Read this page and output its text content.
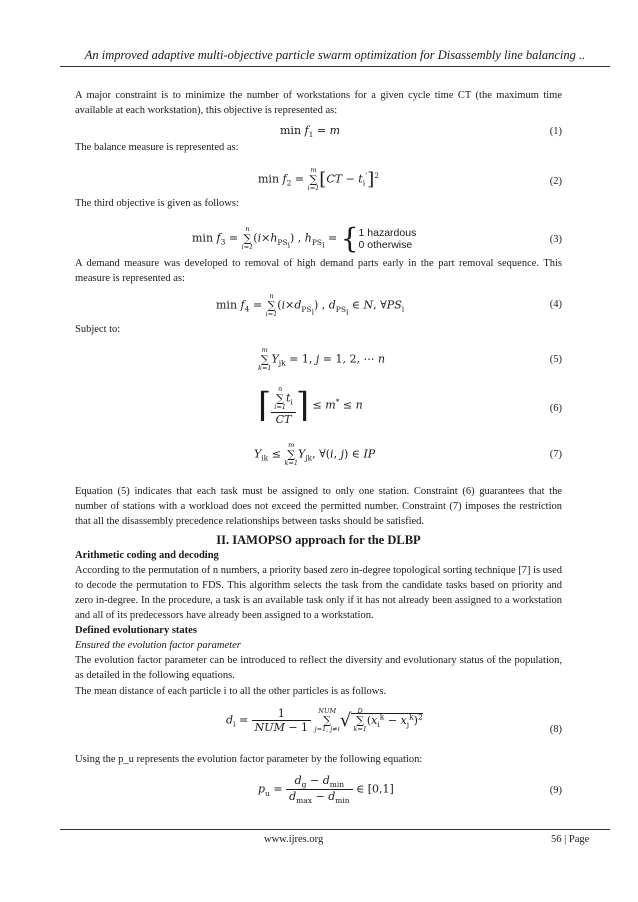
An improved adaptive multi-objective particle swarm optimization for Disassembly line balancing ..
A major constraint is to minimize the number of workstations for a given cycle time CT (the maximum time available at each workstation), this objective is represented as:
$\min f_1 = m$	(1)
The balance measure is represented as:
$\min f_2$ =
m
∑
i=1 $[CT - t_i']^2$
(2)
The third objective is given as follows:
$\min f_3$ =
n
∑
i=1
$(i\times h_{PS_i})$ , $h_{PS_i}$ = { 1 hazardous
0 otherwise	(3)
A demand measure was developed to removal of high demand parts early in the part removal sequence. This measure is represented as:
$\min f_4$ =
n
∑
i=1
$(i\times d_{PS_i})$ , $d_{PS_i}$ ∈ N, $\forall PS_i$	(4)
Subject to:
m
∑
k=1
$Y_{jk} = 1$, j = 1, 2, ⋯ n	(5)
⌈ n
∑
i=1
$t_i$
CT ⌉ ≤ m* ≤ n	(6)
$Y_{ik}$ ≤
m
∑
k=1
$Y_{jk}$, ∀(i, j) ∈ IP	(7)
Equation (5) indicates that each task must be assigned to only one station. Constraint (6) guarantees that the number of stations with a workload does not exceed the permitted number. Constraint (7) imposes the restriction that all the disassembly precedence relationships between tasks should be satisfied.
II. IAMOPSO approach for the DLBP
Arithmetic coding and decoding
According to the permutation of n numbers, a priority based zero in-degree topological sorting technique [7] is used to decode the permutation to FDS. This algorithm selects the task from the candidate tasks based on priority and zero in-degree. In the procedure, a task is an available task only if it has not already been assigned to a workstation and all of its predecessors have already been assigned to a workstation.
Defined evolutionary states
Ensured the evolution factor parameter
The evolution factor parameter can be introduced to reflect the diversity and evolutionary status of the population, as detailed in the following equations.
The mean distance of each particle i to all the other particles is as follows.
$d_i = \frac{1}{\text{NUM − 1}}$
	NUM
∑
j=1, j≠i √ D
∑
k=1
$(x_i^k - x_j^k)^2$
(8)
Using the p_u represents the evolution factor parameter by the following equation:
$p_u = \frac{d_g - d_{min}}{d_{max} - d_{min}}$ ∈ [0,1]	(9)
www.ijres.org	56 | Page
